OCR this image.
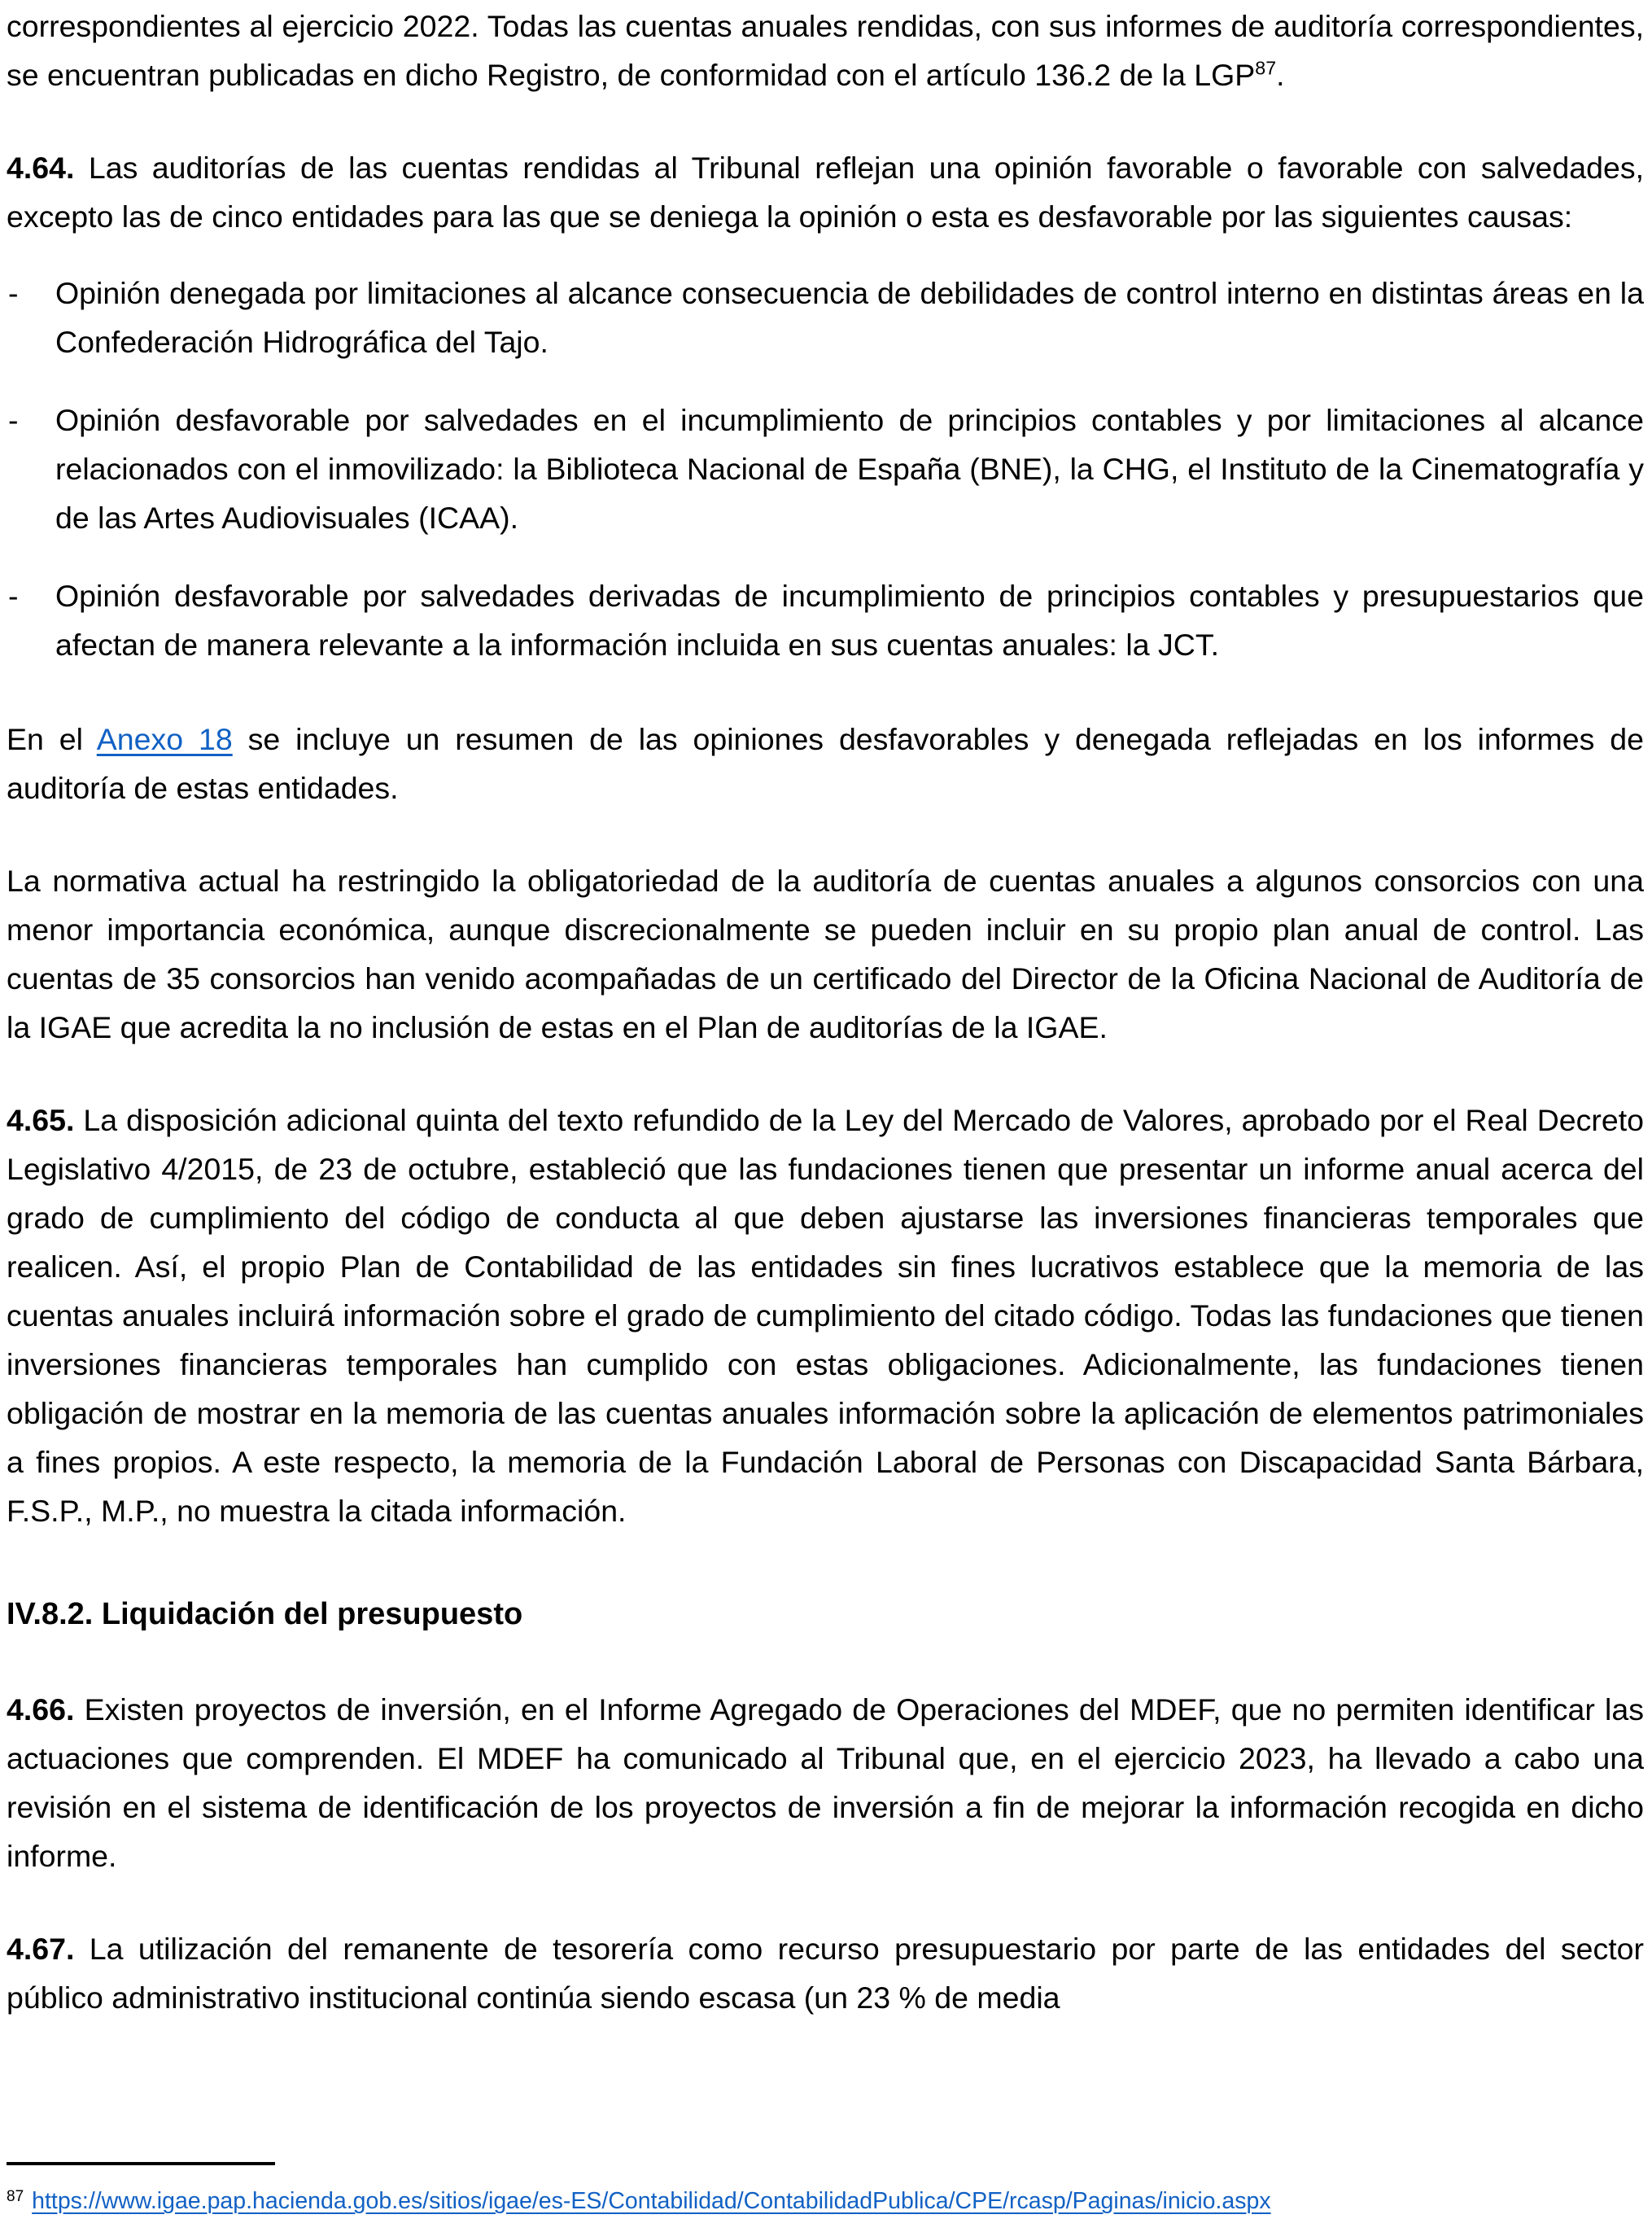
correspondientes al ejercicio 2022. Todas las cuentas anuales rendidas, con sus informes de auditoría correspondientes, se encuentran publicadas en dicho Registro, de conformidad con el artículo 136.2 de la LGP$^{87}$.

4.64. Las auditorías de las cuentas rendidas al Tribunal reflejan una opinión favorable o favorable con salvedades, excepto las de cinco entidades para las que se deniega la opinión o esta es desfavorable por las siguientes causas:

-	Opinión denegada por limitaciones al alcance consecuencia de debilidades de control interno en distintas áreas en la Confederación Hidrográfica del Tajo.
-	Opinión desfavorable por salvedades en el incumplimiento de principios contables y por limitaciones al alcance relacionados con el inmovilizado: la Biblioteca Nacional de España (BNE), la CHG, el Instituto de la Cinematografía y de las Artes Audiovisuales (ICAA).
-	Opinión desfavorable por salvedades derivadas de incumplimiento de principios contables y presupuestarios que afectan de manera relevante a la información incluida en sus cuentas anuales: la JCT.

En el Anexo 18 se incluye un resumen de las opiniones desfavorables y denegada reflejadas en los informes de auditoría de estas entidades.

La normativa actual ha restringido la obligatoriedad de la auditoría de cuentas anuales a algunos consorcios con una menor importancia económica, aunque discrecionalmente se pueden incluir en su propio plan anual de control. Las cuentas de 35 consorcios han venido acompañadas de un certificado del Director de la Oficina Nacional de Auditoría de la IGAE que acredita la no inclusión de estas en el Plan de auditorías de la IGAE.

4.65. La disposición adicional quinta del texto refundido de la Ley del Mercado de Valores, aprobado por el Real Decreto Legislativo 4/2015, de 23 de octubre, estableció que las fundaciones tienen que presentar un informe anual acerca del grado de cumplimiento del código de conducta al que deben ajustarse las inversiones financieras temporales que realicen. Así, el propio Plan de Contabilidad de las entidades sin fines lucrativos establece que la memoria de las cuentas anuales incluirá información sobre el grado de cumplimiento del citado código. Todas las fundaciones que tienen inversiones financieras temporales han cumplido con estas obligaciones. Adicionalmente, las fundaciones tienen obligación de mostrar en la memoria de las cuentas anuales información sobre la aplicación de elementos patrimoniales a fines propios. A este respecto, la memoria de la Fundación Laboral de Personas con Discapacidad Santa Bárbara, F.S.P., M.P., no muestra la citada información.

IV.8.2. Liquidación del presupuesto

4.66. Existen proyectos de inversión, en el Informe Agregado de Operaciones del MDEF, que no permiten identificar las actuaciones que comprenden. El MDEF ha comunicado al Tribunal que, en el ejercicio 2023, ha llevado a cabo una revisión en el sistema de identificación de los proyectos de inversión a fin de mejorar la información recogida en dicho informe.

4.67. La utilización del remanente de tesorería como recurso presupuestario por parte de las entidades del sector público administrativo institucional continúa siendo escasa (un 23 % de media

87 https://www.igae.pap.hacienda.gob.es/sitios/igae/es-ES/Contabilidad/ContabilidadPublica/CPE/rcasp/Paginas/inicio.aspx
